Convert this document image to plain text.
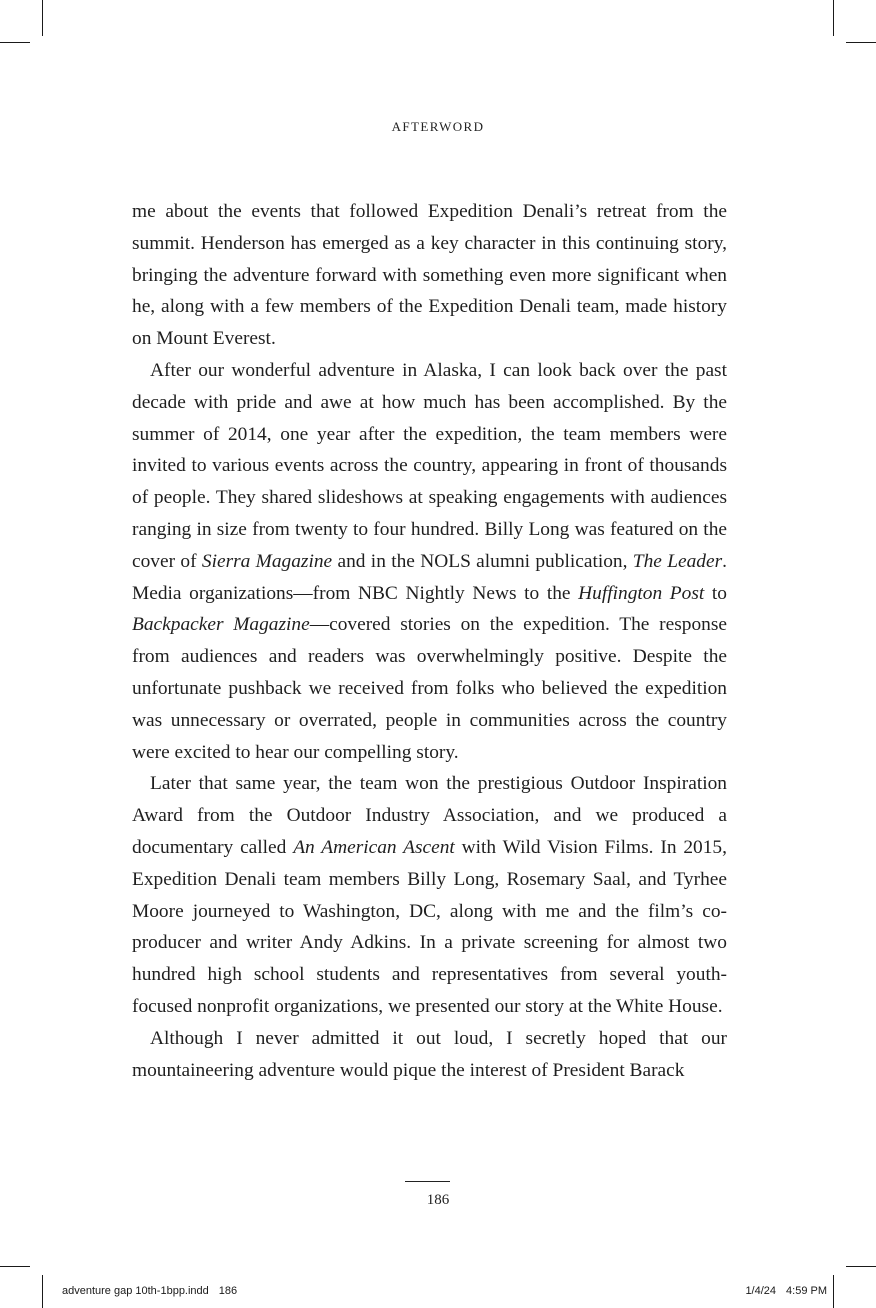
AFTERWORD

me about the events that followed Expedition Denali’s retreat from the summit. Henderson has emerged as a key character in this continuing story, bringing the adventure forward with something even more significant when he, along with a few members of the Expedition Denali team, made history on Mount Everest.

After our wonderful adventure in Alaska, I can look back over the past decade with pride and awe at how much has been accomplished. By the summer of 2014, one year after the expedition, the team members were invited to various events across the country, appearing in front of thousands of people. They shared slideshows at speaking engagements with audiences ranging in size from twenty to four hundred. Billy Long was featured on the cover of Sierra Magazine and in the NOLS alumni publication, The Leader. Media organizations—from NBC Nightly News to the Huffington Post to Backpacker Magazine—covered stories on the expedition. The response from audiences and readers was overwhelmingly positive. Despite the unfortunate pushback we received from folks who believed the expedition was unnecessary or overrated, people in communities across the country were excited to hear our compelling story.

Later that same year, the team won the prestigious Outdoor Inspiration Award from the Outdoor Industry Association, and we produced a documentary called An American Ascent with Wild Vision Films. In 2015, Expedition Denali team members Billy Long, Rosemary Saal, and Tyrhee Moore journeyed to Washington, DC, along with me and the film’s co-producer and writer Andy Adkins. In a private screening for almost two hundred high school students and representatives from several youth-focused nonprofit organizations, we presented our story at the White House.

Although I never admitted it out loud, I secretly hoped that our mountaineering adventure would pique the interest of President Barack

186
adventure gap 10th-1bpp.indd 186	1/4/24 4:59 PM
